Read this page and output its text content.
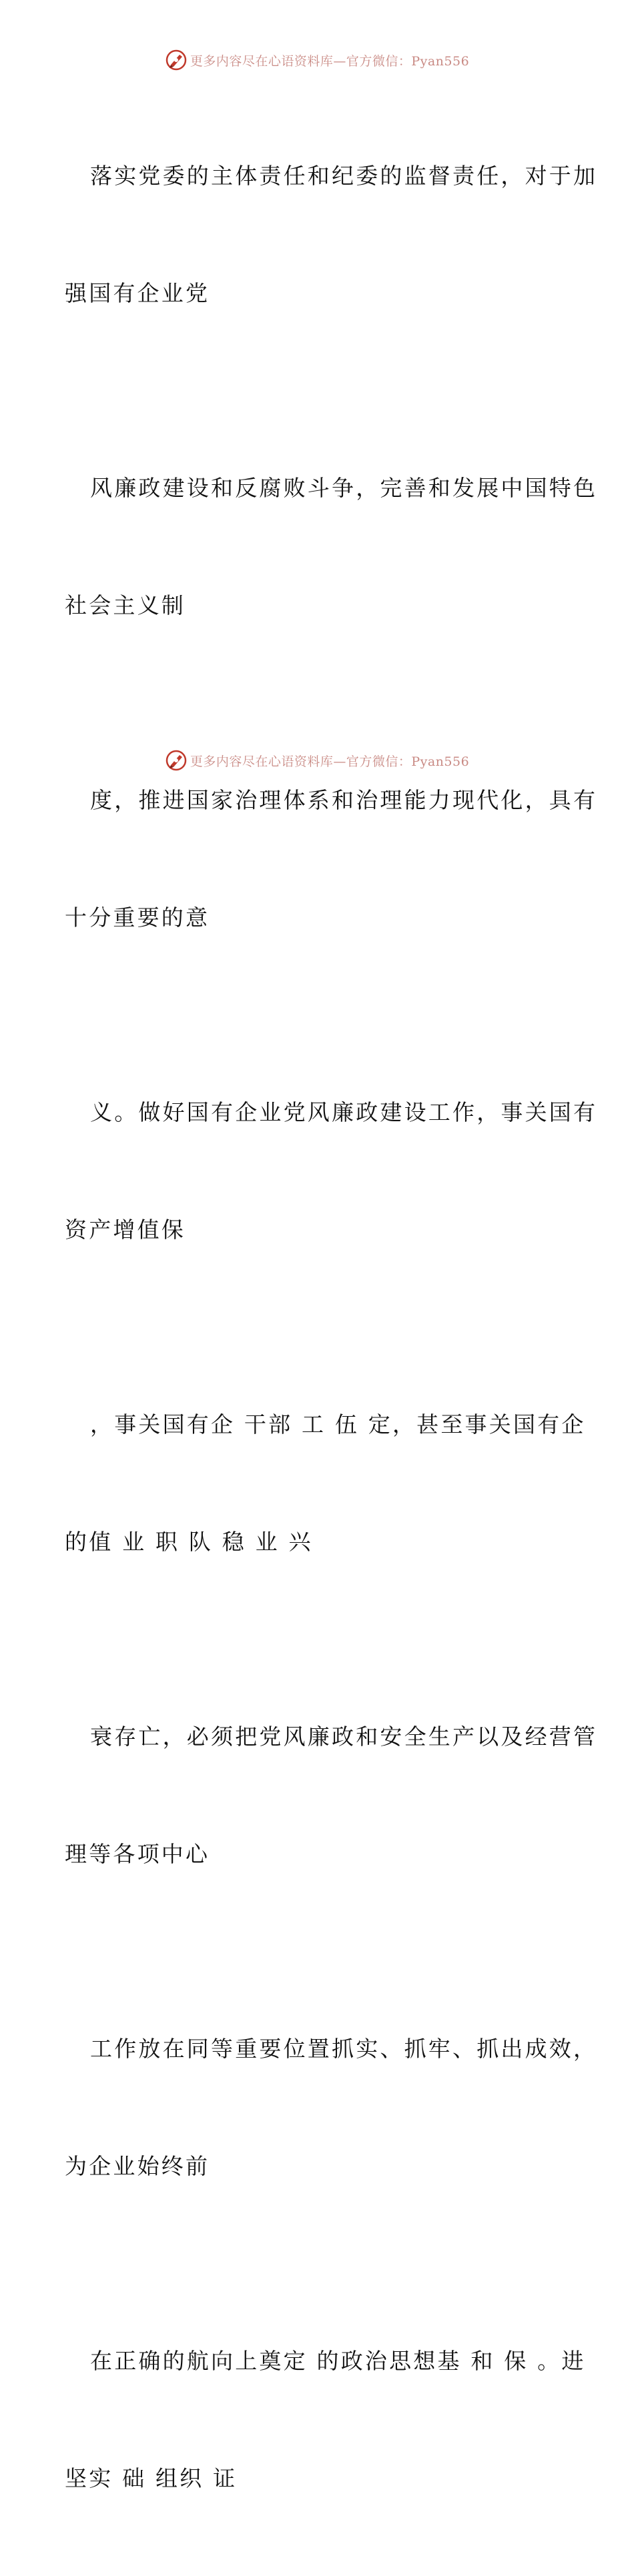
更多内容尽在心语资料库—官方微信：Pyan556

落实党委的主体责任和纪委的监督责任，对于加

强国有企业党

风廉政建设和反腐败斗争，完善和发展中国特色

社会主义制

度，推进国家治理体系和治理能力现代化，具有

十分重要的意

义。做好国有企业党风廉政建设工作，事关国有

资产增值保

，事关国有企 干部 工 伍 定，甚至事关国有企

的值 业 职 队 稳 业 兴

衰存亡，必须把党风廉政和安全生产以及经营管

理等各项中心

工作放在同等重要位置抓实、抓牢、抓出成效，

为企业始终前

在正确的航向上奠定 的政治思想基 和 保 。进

坚实 础 组织 证

更多内容尽在心语资料库—官方微信：Pyan556
